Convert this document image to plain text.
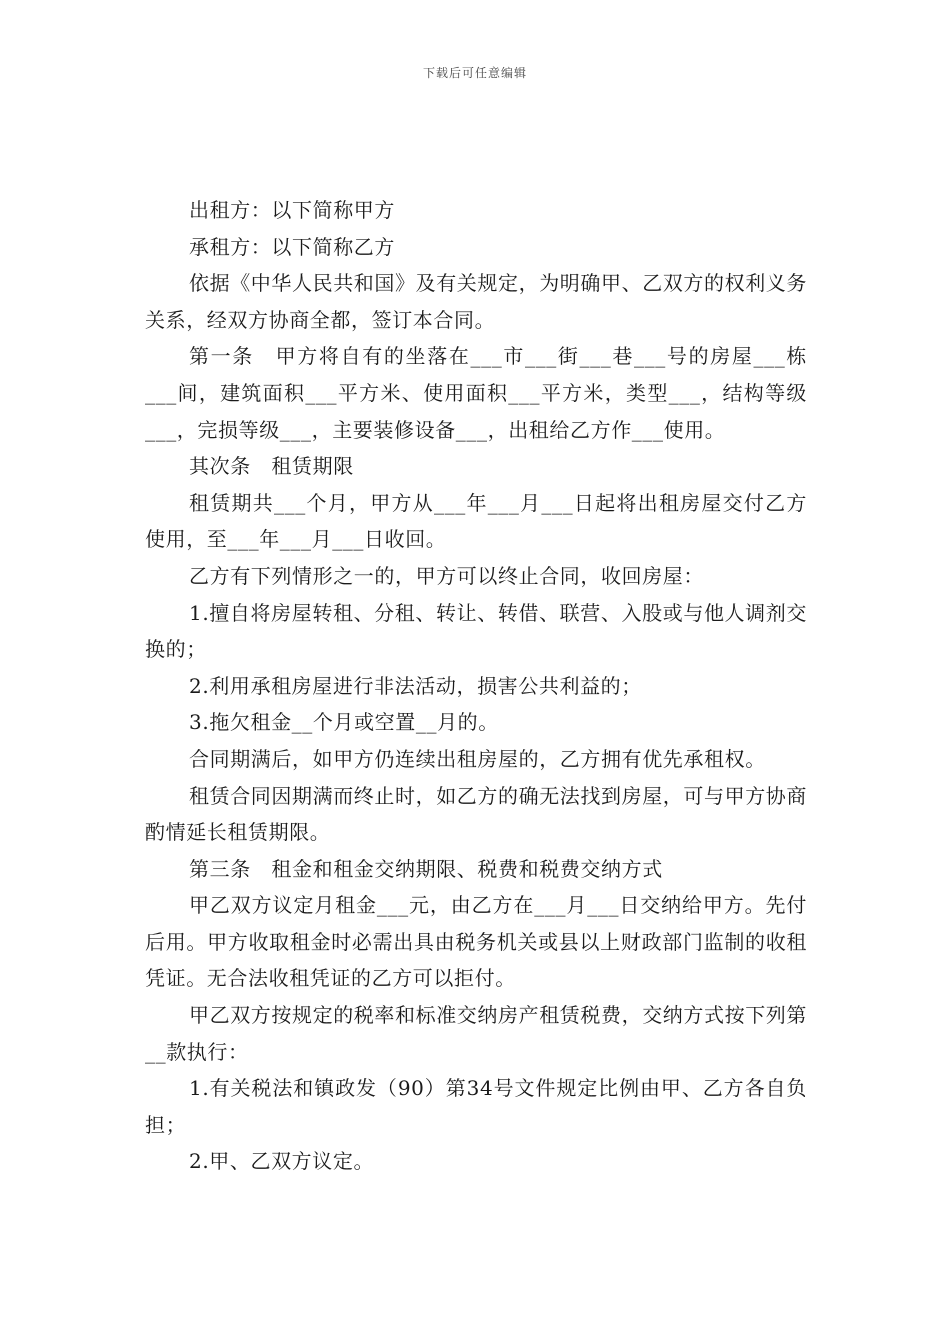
下载后可任意编辑

出租方：以下简称甲方

承租方：以下简称乙方

依据《中华人民共和国》及有关规定，为明确甲、乙双方的权利义务关系，经双方协商全都，签订本合同。

第一条　甲方将自有的坐落在___市___街___巷___号的房屋___栋___间，建筑面积___平方米、使用面积___平方米，类型___，结构等级___，完损等级___，主要装修设备___，出租给乙方作___使用。

其次条　租赁期限

租赁期共___个月，甲方从___年___月___日起将出租房屋交付乙方使用，至___年___月___日收回。

乙方有下列情形之一的，甲方可以终止合同，收回房屋：

1.擅自将房屋转租、分租、转让、转借、联营、入股或与他人调剂交换的；

2.利用承租房屋进行非法活动，损害公共利益的；

3.拖欠租金__个月或空置__月的。

合同期满后，如甲方仍连续出租房屋的，乙方拥有优先承租权。

租赁合同因期满而终止时，如乙方的确无法找到房屋，可与甲方协商酌情延长租赁期限。

第三条　租金和租金交纳期限、税费和税费交纳方式

甲乙双方议定月租金___元，由乙方在___月___日交纳给甲方。先付后用。甲方收取租金时必需出具由税务机关或县以上财政部门监制的收租凭证。无合法收租凭证的乙方可以拒付。

甲乙双方按规定的税率和标准交纳房产租赁税费，交纳方式按下列第__款执行：

1.有关税法和镇政发（90）第34号文件规定比例由甲、乙方各自负担；

2.甲、乙双方议定。
